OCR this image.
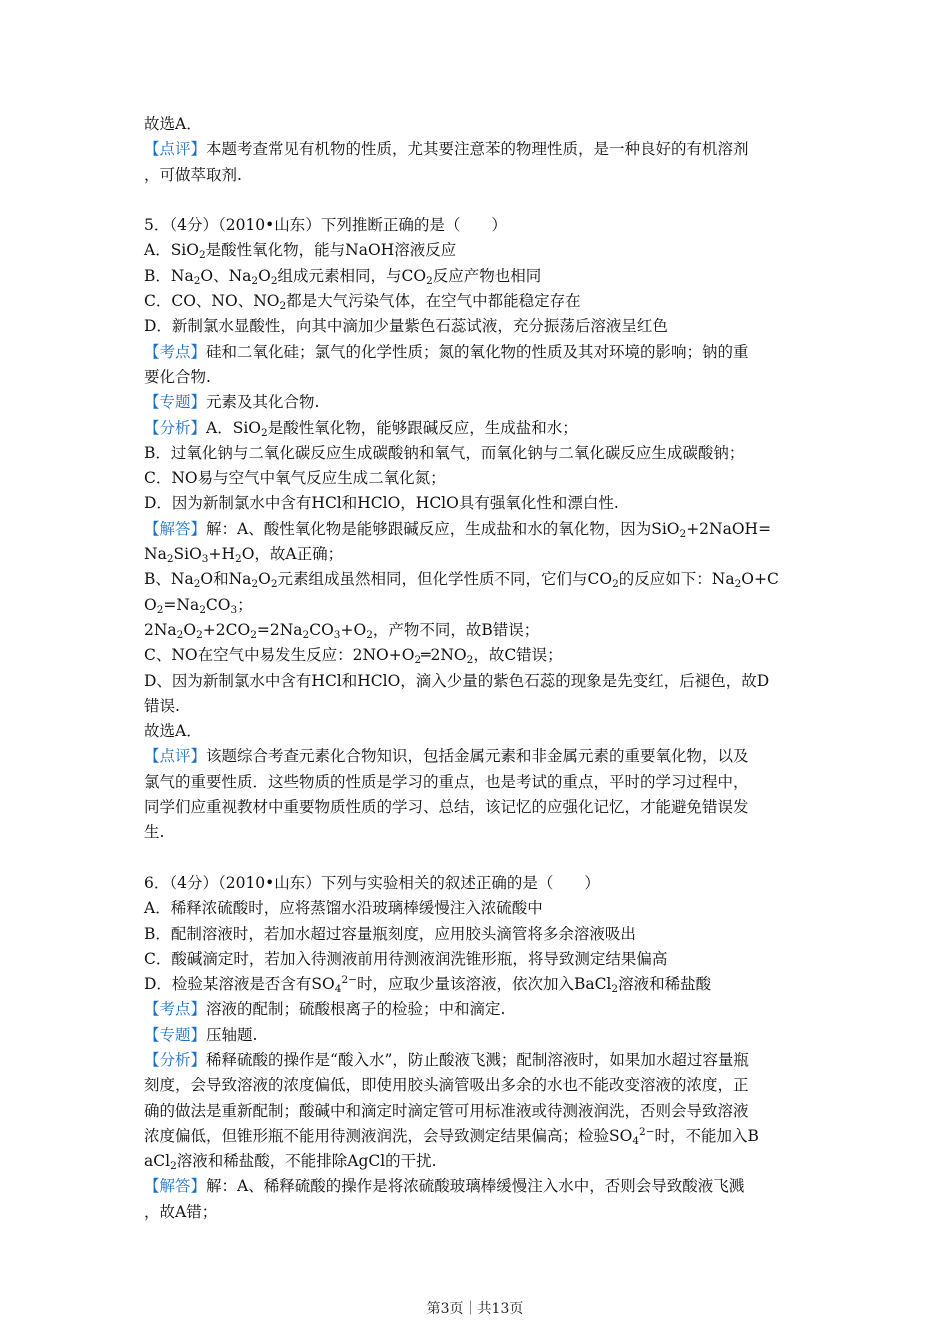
故选A．
【点评】本题考查常见有机物的性质，尤其要注意苯的物理性质，是一种良好的有机溶剂
，可做萃取剂.
5．（4分）（2010•山东）下列推断正确的是（　　）
A．SiO$_2$是酸性氧化物，能与NaOH溶液反应
B．$Na_2O$、$Na_2O_2$组成元素相同，与$CO_2$反应产物也相同
C．CO、NO、$NO_2$都是大气污染气体，在空气中都能稳定存在
D．新制氯水显酸性，向其中滴加少量紫色石蕊试液，充分振荡后溶液呈红色
【考点】硅和二氧化硅；氯气的化学性质；氮的氧化物的性质及其对环境的影响；钠的重
要化合物.
【专题】元素及其化合物.
【分析】A．SiO$_2$是酸性氧化物，能够跟碱反应，生成盐和水；
B．过氧化钠与二氧化碳反应生成碳酸钠和氧气，而氧化钠与二氧化碳反应生成碳酸钠；
C．NO易与空气中氧气反应生成二氧化氮；
D．因为新制氯水中含有HCl和HClO，HClO具有强氧化性和漂白性.
【解答】解：A、酸性氧化物是能够跟碱反应，生成盐和水的氧化物，因为SiO$_2$+2NaOH=
$Na_2SiO_3+H_2O$，故A正确；
B、$Na_2O$和$Na_2O_2$元素组成虽然相同，但化学性质不同，它们与$CO_2$的反应如下：$Na_2O+C$
$O_2=Na_2CO_3$；
$2Na_2O_2+2CO_2=2Na_2CO_3+O_2$，产物不同，故B错误；
C、NO在空气中易发生反应：$2NO+O_2═2NO_2$，故C错误；
D、因为新制氯水中含有HCl和HClO，滴入少量的紫色石蕊的现象是先变红，后褪色，故D
错误.
故选A．
【点评】该题综合考查元素化合物知识，包括金属元素和非金属元素的重要氧化物，以及
氯气的重要性质．这些物质的性质是学习的重点，也是考试的重点，平时的学习过程中，
同学们应重视教材中重要物质性质的学习、总结，该记忆的应强化记忆，才能避免错误发
生.
6．（4分）（2010•山东）下列与实验相关的叙述正确的是（　　）
A．稀释浓硫酸时，应将蒸馏水沿玻璃棒缓慢注入浓硫酸中
B．配制溶液时，若加水超过容量瓶刻度，应用胶头滴管将多余溶液吸出
C．酸碱滴定时，若加入待测液前用待测液润洗锥形瓶，将导致测定结果偏高
D．检验某溶液是否含有$SO_4^{2-}$时，应取少量该溶液，依次加入BaCl$_2$溶液和稀盐酸
【考点】溶液的配制；硫酸根离子的检验；中和滴定.
【专题】压轴题.
【分析】稀释硫酸的操作是“酸入水”，防止酸液飞溅；配制溶液时，如果加水超过容量瓶
刻度，会导致溶液的浓度偏低，即使用胶头滴管吸出多余的水也不能改变溶液的浓度，正
确的做法是重新配制；酸碱中和滴定时滴定管可用标准液或待测液润洗，否则会导致溶液
浓度偏低，但锥形瓶不能用待测液润洗，会导致测定结果偏高；检验$SO_4^{2-}$时，不能加入B
aCl$_2$溶液和稀盐酸，不能排除AgCl的干扰.
【解答】解：A、稀释硫酸的操作是将浓硫酸玻璃棒缓慢注入水中，否则会导致酸液飞溅
，故A错；
第3页｜共13页
